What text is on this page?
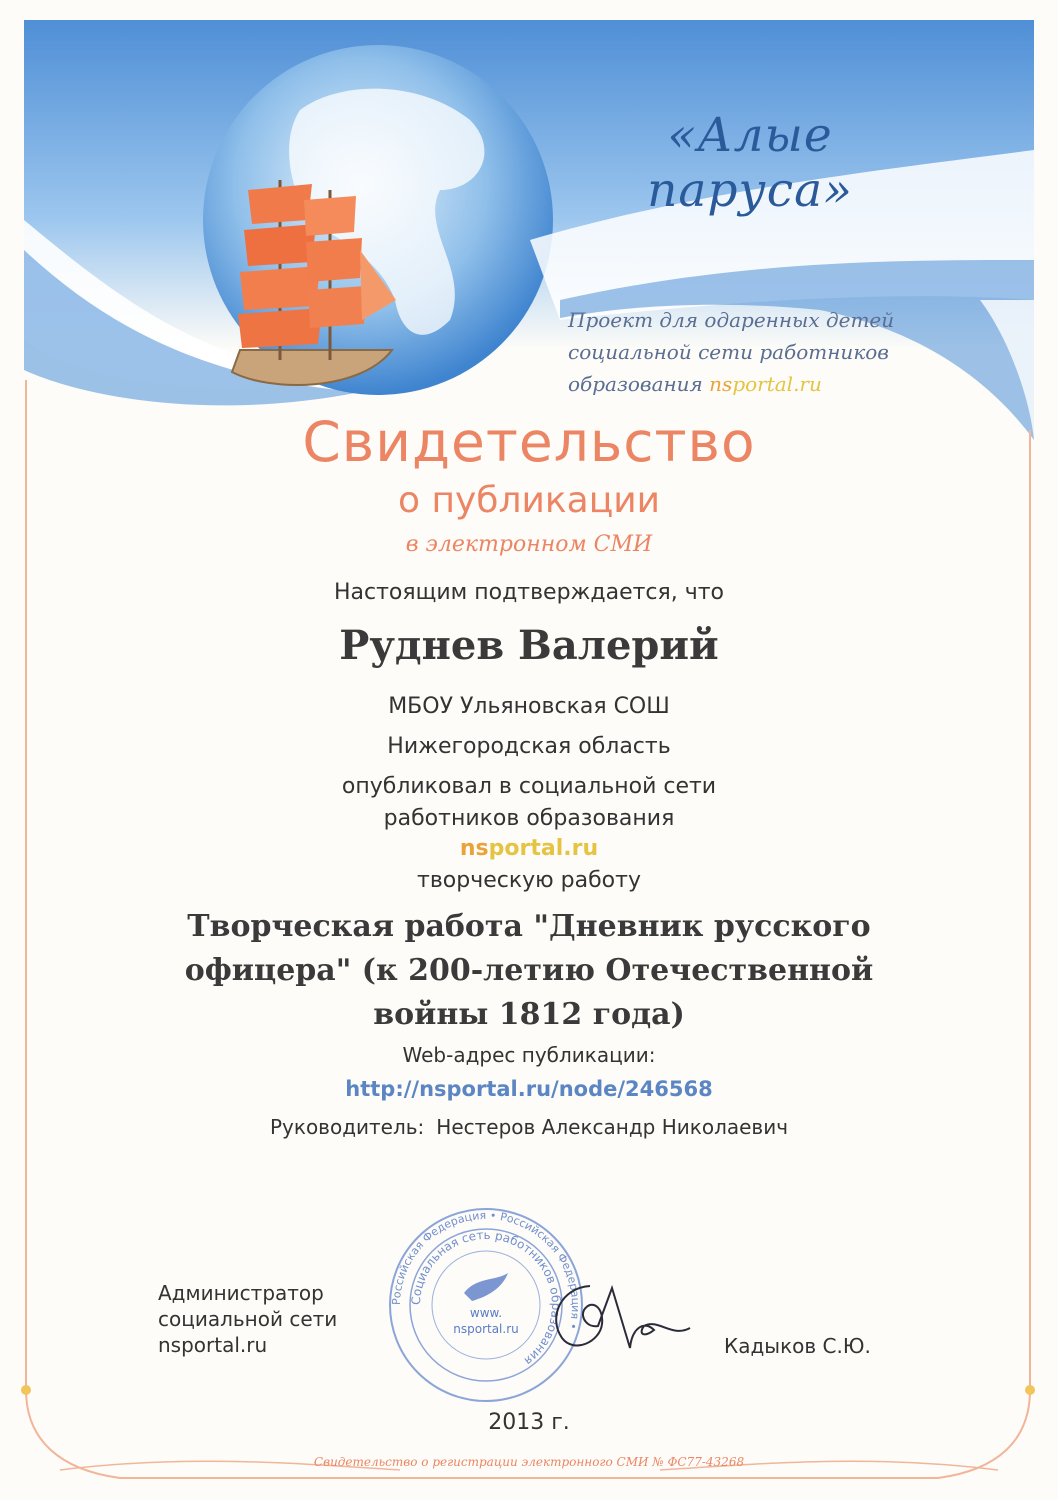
«Алые паруса»
Проект для одаренных детей
социальной сети работников
образования nsportal.ru
Свидетельство
о публикации
в электронном СМИ
Настоящим подтверждается, что
Руднев Валерий
МБОУ Ульяновская СОШ
Нижегородская область
опубликовал в социальной сети
работников образования
nsportal.ru
творческую работу
Творческая работа "Дневник русского офицера" (к 200-летию Отечественной войны 1812 года)
Web-адрес публикации:
http://nsportal.ru/node/246568
Руководитель: Нестеров Александр Николаевич
Администратор
социальной сети
nsportal.ru
Российская Федерация • Российская Федерация •
Социальная сеть работников образования
www.
nsportal.ru
Кадыков С.Ю.
2013 г.
Свидетельство о регистрации электронного СМИ № ФС77-43268
